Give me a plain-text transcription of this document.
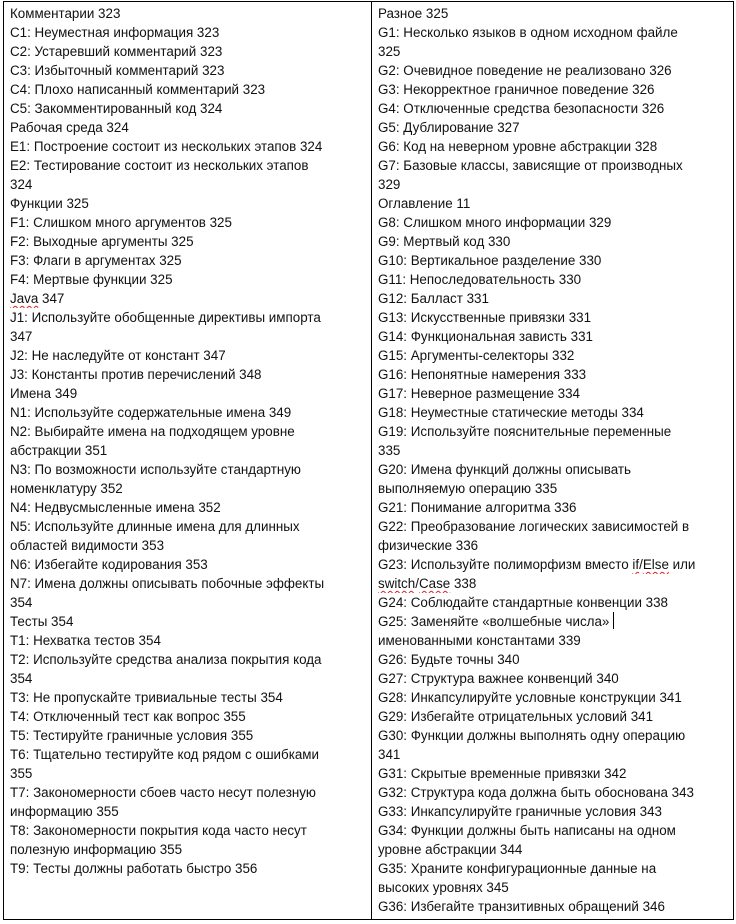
Комментарии 323
C1: Неуместная информация 323
C2: Устаревший комментарий 323
C3: Избыточный комментарий 323
C4: Плохо написанный комментарий 323
C5: Закомментированный код 324
Рабочая среда 324
E1: Построение состоит из нескольких этапов 324
E2: Тестирование состоит из нескольких этапов
324
Функции 325
F1: Слишком много аргументов 325
F2: Выходные аргументы 325
F3: Флаги в аргументах 325
F4: Мертвые функции 325
Java 347
J1: Используйте обобщенные директивы импорта
347
J2: Не наследуйте от констант 347
J3: Константы против перечислений 348
Имена 349
N1: Используйте содержательные имена 349
N2: Выбирайте имена на подходящем уровне
абстракции 351
N3: По возможности используйте стандартную
номенклатуру 352
N4: Недвусмысленные имена 352
N5: Используйте длинные имена для длинных
областей видимости 353
N6: Избегайте кодирования 353
N7: Имена должны описывать побочные эффекты
354
Тесты 354
T1: Нехватка тестов 354
T2: Используйте средства анализа покрытия кода
354
T3: Не пропускайте тривиальные тесты 354
T4: Отключенный тест как вопрос 355
T5: Тестируйте граничные условия 355
T6: Тщательно тестируйте код рядом с ошибками
355
T7: Закономерности сбоев часто несут полезную
информацию 355
T8: Закономерности покрытия кода часто несут
полезную информацию 355
T9: Тесты должны работать быстро 356
Разное 325
G1: Несколько языков в одном исходном файле
325
G2: Очевидное поведение не реализовано 326
G3: Некорректное граничное поведение 326
G4: Отключенные средства безопасности 326
G5: Дублирование 327
G6: Код на неверном уровне абстракции 328
G7: Базовые классы, зависящие от производных
329
Оглавление 11
G8: Слишком много информации 329
G9: Мертвый код 330
G10: Вертикальное разделение 330
G11: Непоследовательность 330
G12: Балласт 331
G13: Искусственные привязки 331
G14: Функциональная зависть 331
G15: Аргументы-селекторы 332
G16: Непонятные намерения 333
G17: Неверное размещение 334
G18: Неуместные статические методы 334
G19: Используйте пояснительные переменные
335
G20: Имена функций должны описывать
выполняемую операцию 335
G21: Понимание алгоритма 336
G22: Преобразование логических зависимостей в
физические 336
G23: Используйте полиморфизм вместо if/Else или
switch/Case 338
G24: Соблюдайте стандартные конвенции 338
G25: Заменяйте «волшебные числа»
именованными константами 339
G26: Будьте точны 340
G27: Структура важнее конвенций 340
G28: Инкапсулируйте условные конструкции 341
G29: Избегайте отрицательных условий 341
G30: Функции должны выполнять одну операцию
341
G31: Скрытые временные привязки 342
G32: Структура кода должна быть обоснована 343
G33: Инкапсулируйте граничные условия 343
G34: Функции должны быть написаны на одном
уровне абстракции 344
G35: Храните конфигурационные данные на
высоких уровнях 345
G36: Избегайте транзитивных обращений 346
